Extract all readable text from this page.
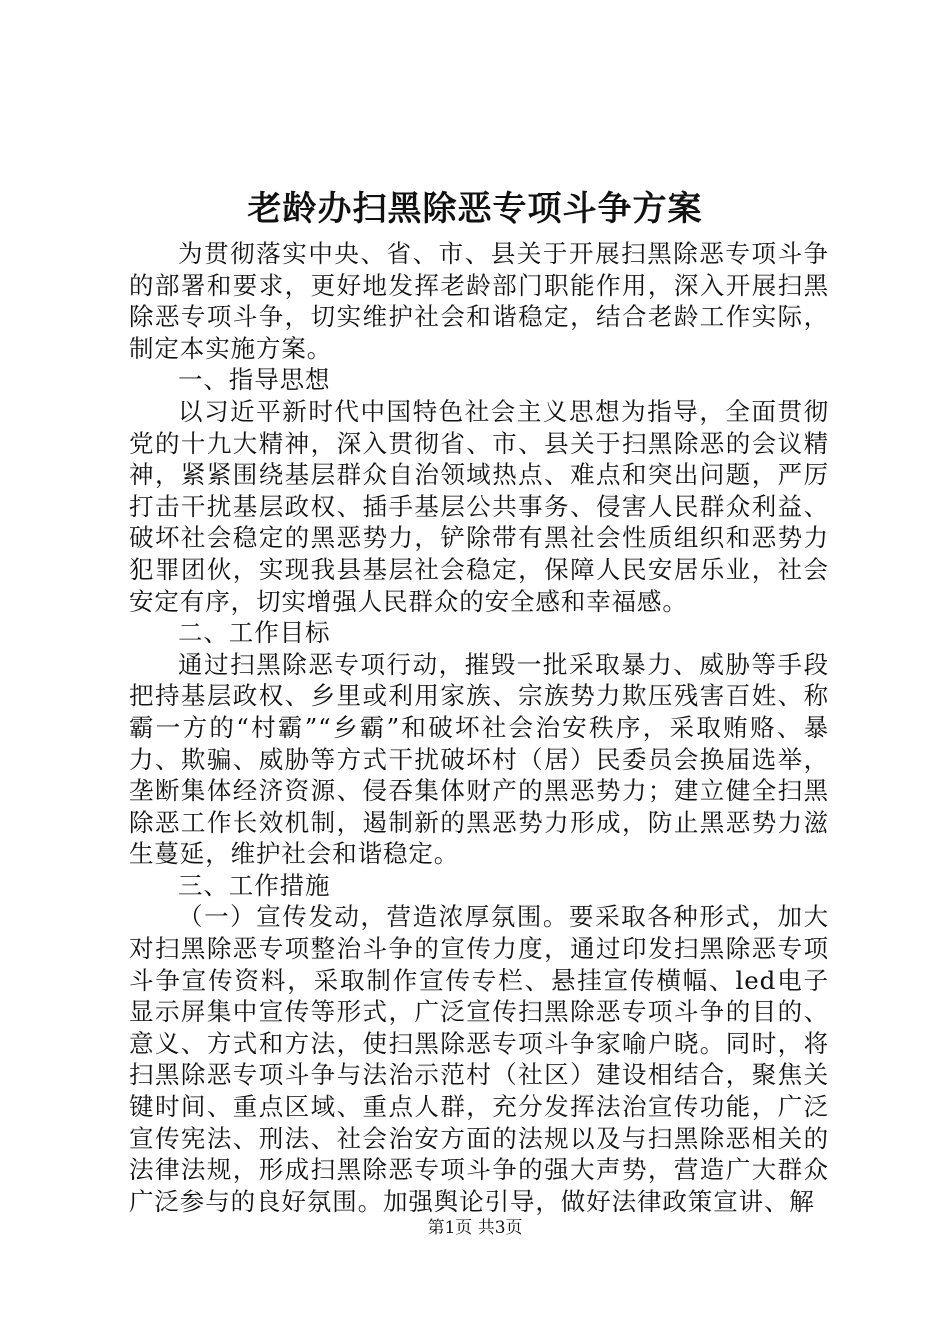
老龄办扫黑除恶专项斗争方案

为贯彻落实中央、省、市、县关于开展扫黑除恶专项斗争的部署和要求，更好地发挥老龄部门职能作用，深入开展扫黑除恶专项斗争，切实维护社会和谐稳定，结合老龄工作实际，制定本实施方案。

一、指导思想

以习近平新时代中国特色社会主义思想为指导，全面贯彻党的十九大精神，深入贯彻省、市、县关于扫黑除恶的会议精神，紧紧围绕基层群众自治领域热点、难点和突出问题，严厉打击干扰基层政权、插手基层公共事务、侵害人民群众利益、破坏社会稳定的黑恶势力，铲除带有黑社会性质组织和恶势力犯罪团伙，实现我县基层社会稳定，保障人民安居乐业，社会安定有序，切实增强人民群众的安全感和幸福感。

二、工作目标

通过扫黑除恶专项行动，摧毁一批采取暴力、威胁等手段把持基层政权、乡里或利用家族、宗族势力欺压残害百姓、称霸一方的“村霸”“乡霸”和破坏社会治安秩序，采取贿赂、暴力、欺骗、威胁等方式干扰破坏村（居）民委员会换届选举，垄断集体经济资源、侵吞集体财产的黑恶势力；建立健全扫黑除恶工作长效机制，遏制新的黑恶势力形成，防止黑恶势力滋生蔓延，维护社会和谐稳定。

三、工作措施

（一）宣传发动，营造浓厚氛围。要采取各种形式，加大对扫黑除恶专项整治斗争的宣传力度，通过印发扫黑除恶专项斗争宣传资料，采取制作宣传专栏、悬挂宣传横幅、led电子显示屏集中宣传等形式，广泛宣传扫黑除恶专项斗争的目的、意义、方式和方法，使扫黑除恶专项斗争家喻户晓。同时，将扫黑除恶专项斗争与法治示范村（社区）建设相结合，聚焦关键时间、重点区域、重点人群，充分发挥法治宣传功能，广泛宣传宪法、刑法、社会治安方面的法规以及与扫黑除恶相关的法律法规，形成扫黑除恶专项斗争的强大声势，营造广大群众广泛参与的良好氛围。加强舆论引导，做好法律政策宣讲、解

第1页 共3页
